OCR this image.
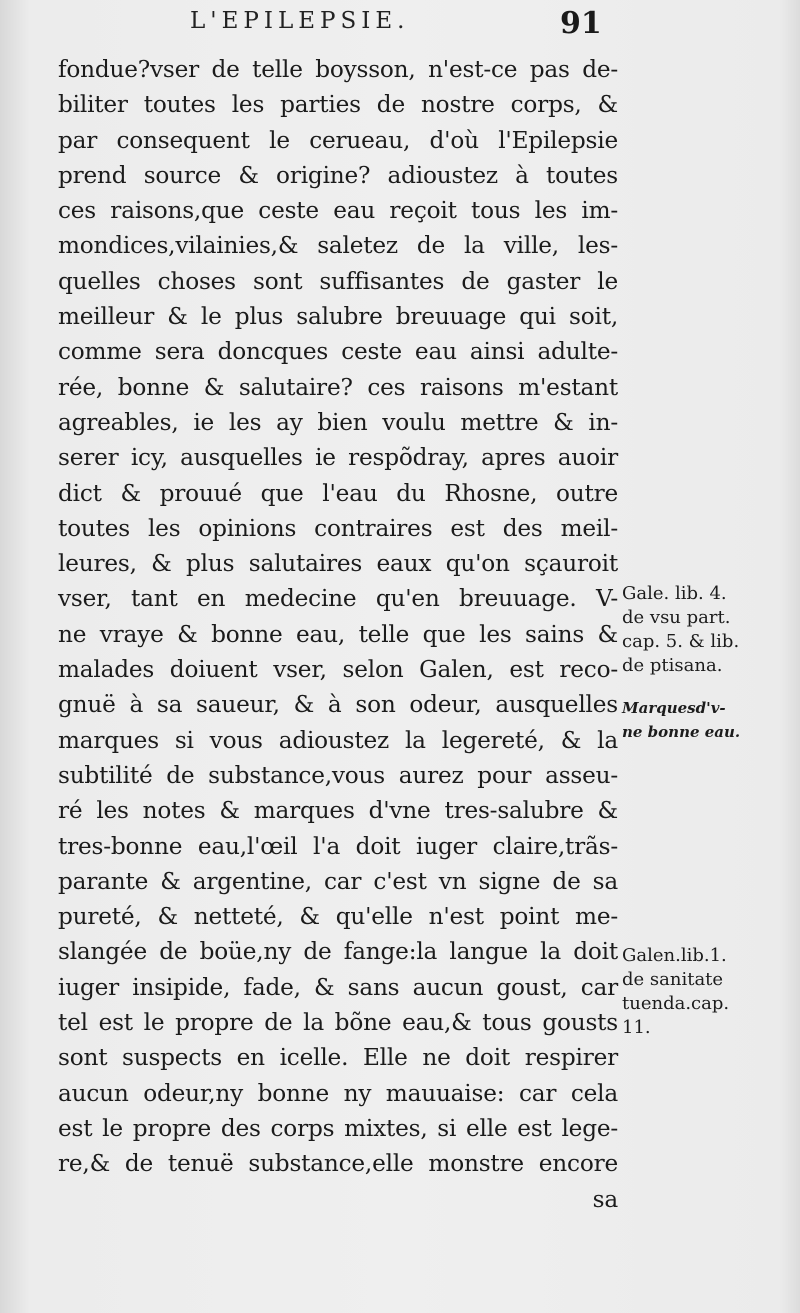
L'EPILEPSIE.	91
fondue?vser de telle boysson, n'est-ce pas de-
biliter toutes les parties de nostre corps, &
par consequent le cerueau, d'où l'Epilepsie
prend source & origine? adioustez à toutes
ces raisons,que ceste eau reçoit tous les im-
mondices,vilainies,& saletez de la ville, les-
quelles choses sont suffisantes de gaster le
meilleur & le plus salubre breuuage qui soit,
comme sera doncques ceste eau ainsi adulte-
rée, bonne & salutaire? ces raisons m'estant
agreables, ie les ay bien voulu mettre & in-
serer icy, ausquelles ie respõdray, apres auoir
dict & prouué que l'eau du Rhosne, outre
toutes les opinions contraires est des meil-
leures, & plus salutaires eaux qu'on sçauroit
vser, tant en medecine qu'en breuuage. V-
ne vraye & bonne eau, telle que les sains &
malades doiuent vser, selon Galen, est reco-
gnuë à sa saueur, & à son odeur, ausquelles
marques si vous adioustez la legereté, & la
subtilité de substance,vous aurez pour asseu-
ré les notes & marques d'vne tres-salubre &
tres-bonne eau,l'œil l'a doit iuger claire,trãs-
parante & argentine, car c'est vn signe de sa
pureté, & netteté, & qu'elle n'est point me-
slangée de boüe,ny de fange:la langue la doit
iuger insipide, fade, & sans aucun goust, car
tel est le propre de la bõne eau,& tous gousts
sont suspects en icelle. Elle ne doit respirer
aucun odeur,ny bonne ny mauuaise: car cela
est le propre des corps mixtes, si elle est lege-
re,& de tenuë substance,elle monstre encore
sa
Gale. lib. 4.
de vsu part.
cap. 5. & lib.
de ptisana.
Marquesd'v-
ne bonne eau.
Galen.lib.1.
de sanitate
tuenda.cap.
11.
